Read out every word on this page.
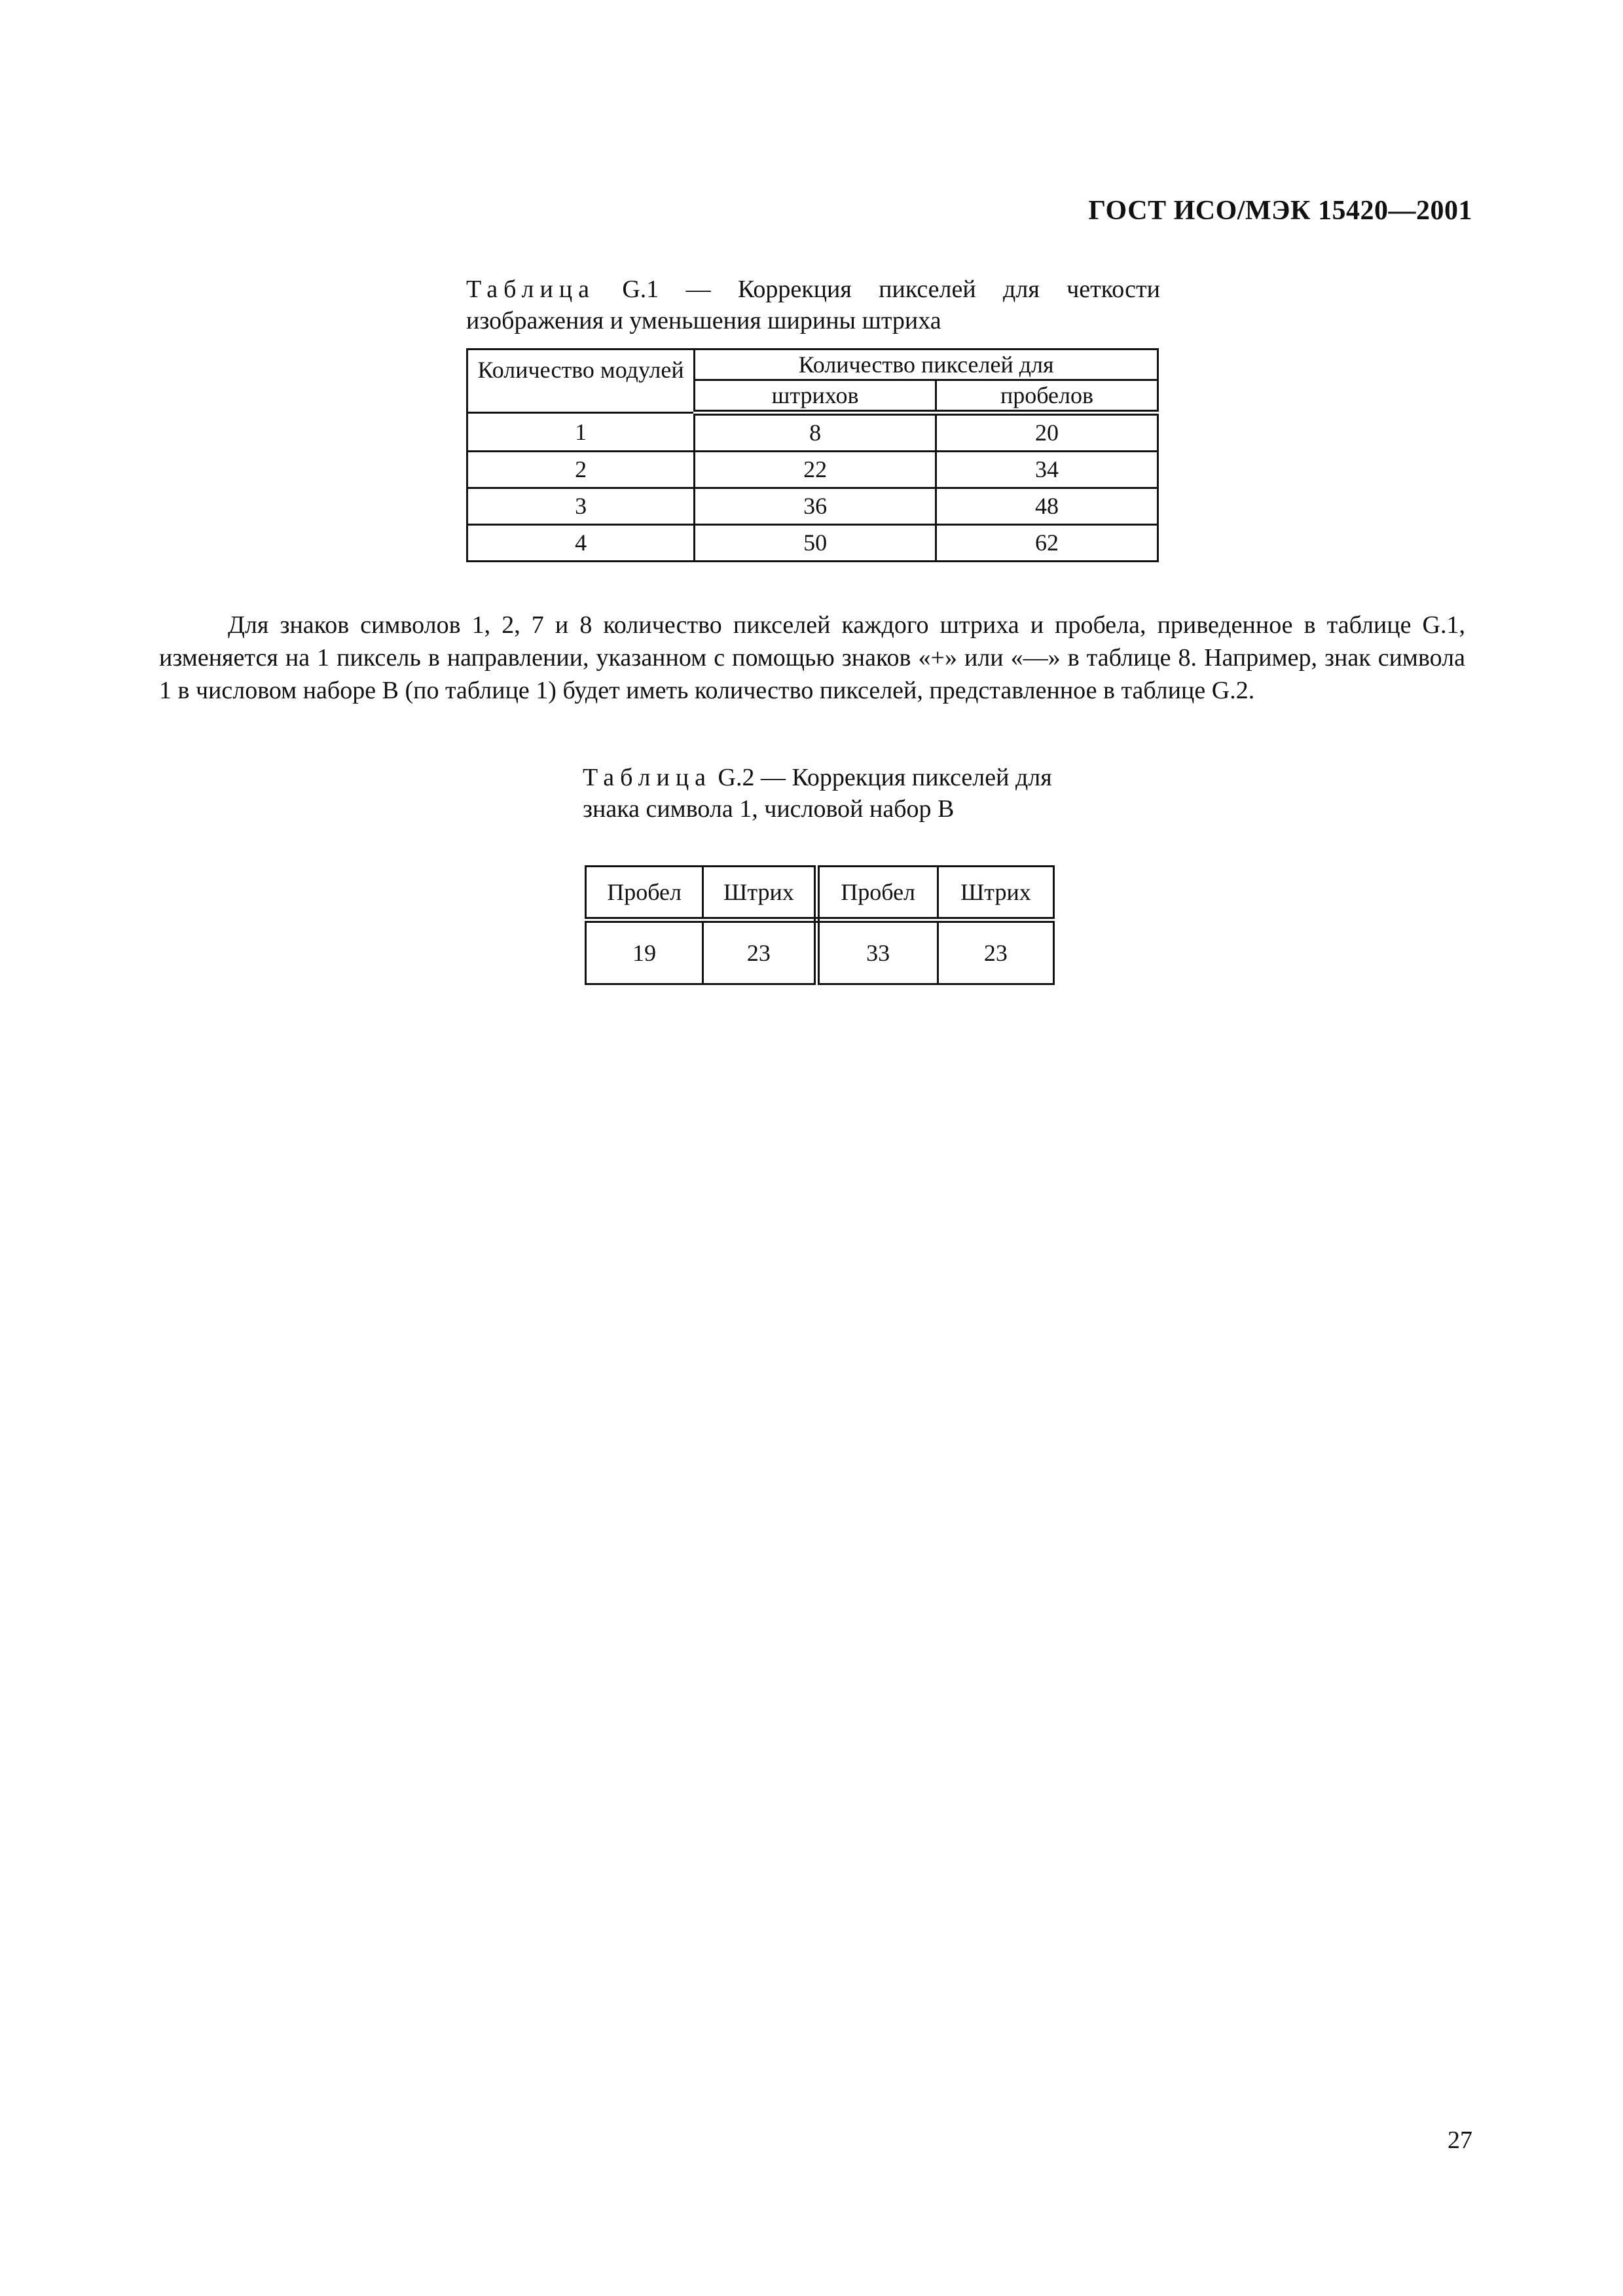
ГОСТ ИСО/МЭК 15420—2001
Таблица G.1 — Коррекция пикселей для четкости изображения и уменьшения ширины штриха
Количество модулей	Количество пикселей для	
	штрихов	пробелов
1	8	20
2	22	34
3	36	48
4	50	62

Для знаков символов 1, 2, 7 и 8 количество пикселей каждого штриха и пробела, приведенное в таблице G.1, изменяется на 1 пиксель в направлении, указанном с помощью знаков «+» или «—» в таблице 8. Например, знак символа 1 в числовом наборе В (по таблице 1) будет иметь количество пикселей, представленное в таблице G.2.

Таблица G.2 — Коррекция пикселей для знака символа 1, числовой набор В
Пробел	Штрих	Пробел	Штрих
19	23	33	23
27
